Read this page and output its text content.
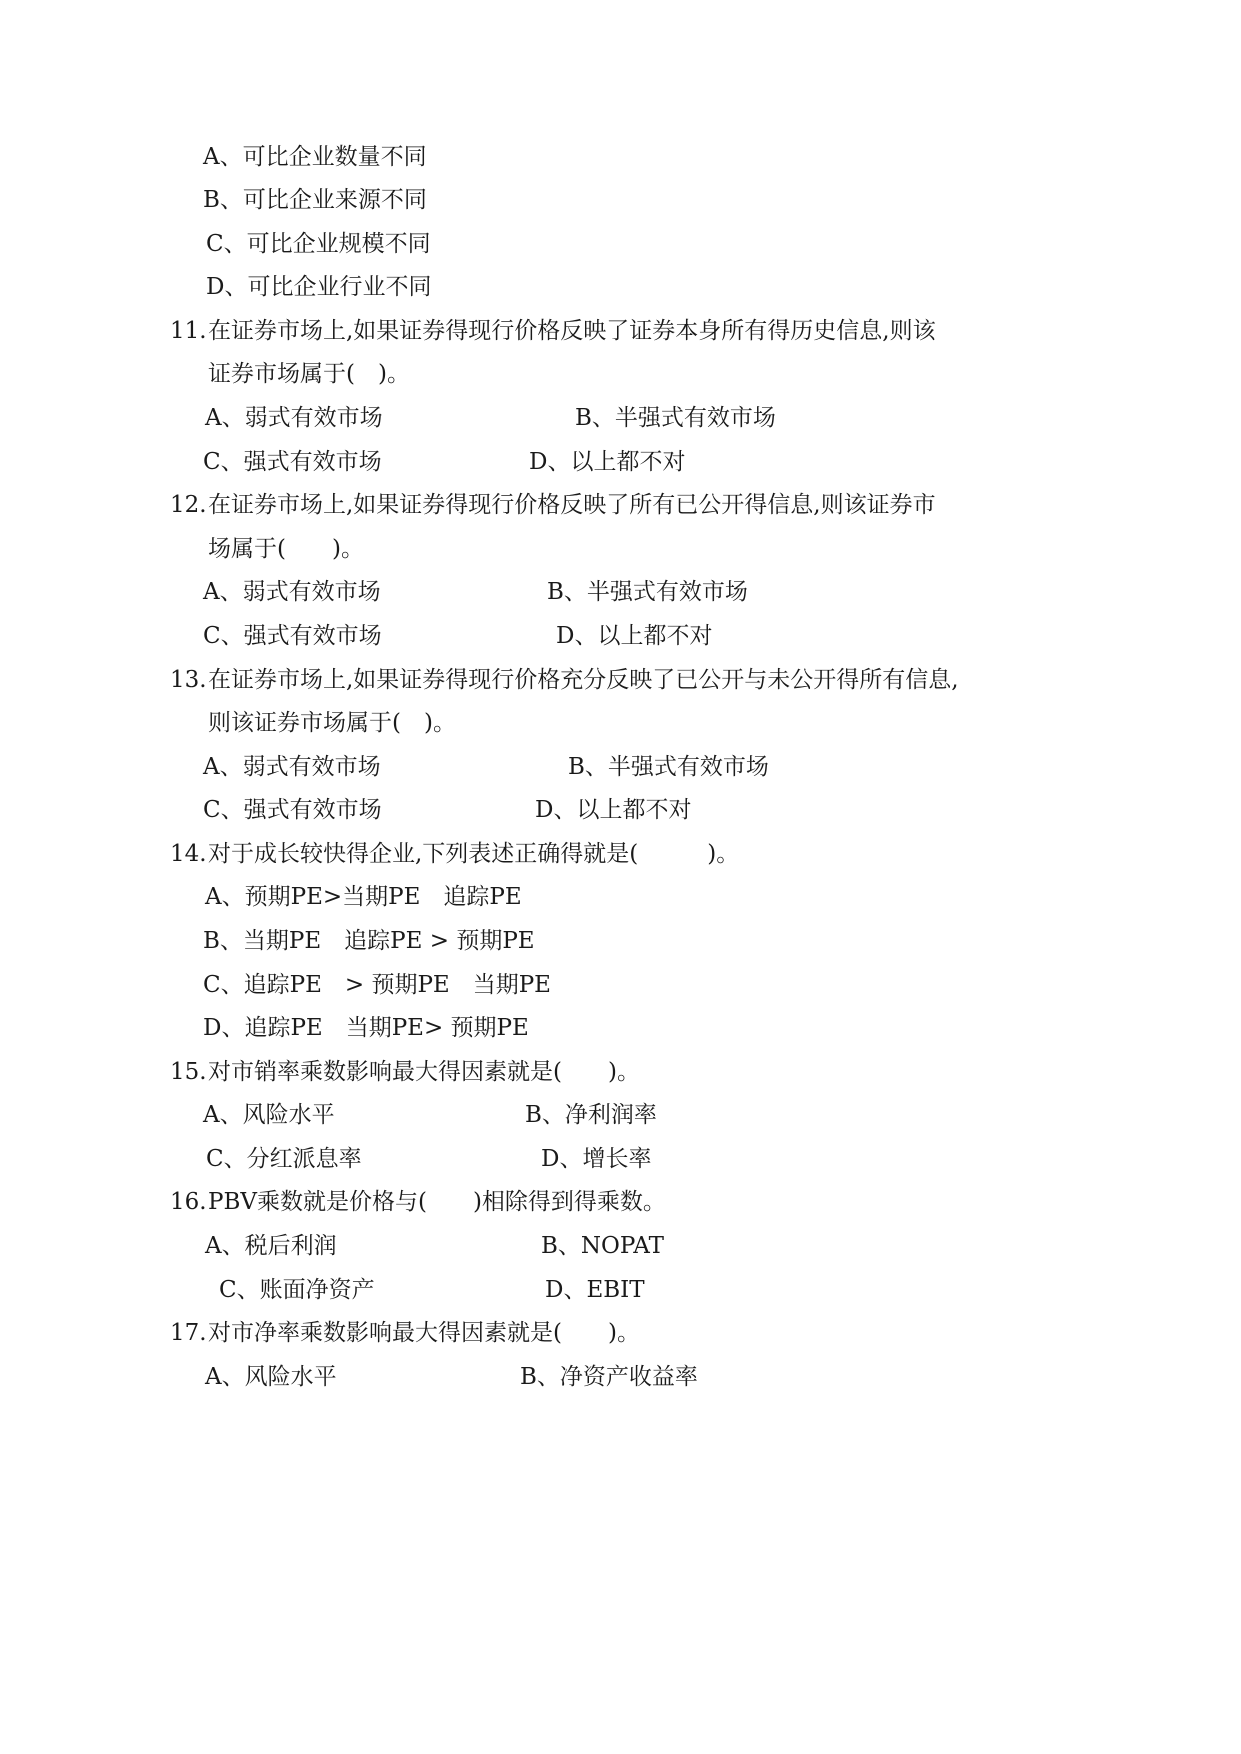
A、可比企业数量不同
B、可比企业来源不同
C、可比企业规模不同
D、可比企业行业不同
11. 在证券市场上,如果证券得现行价格反映了证券本身所有得历史信息,则该
证券市场属于(　)。
A、弱式有效市场	B、半强式有效市场
C、强式有效市场	D、以上都不对
12. 在证券市场上,如果证券得现行价格反映了所有已公开得信息,则该证券市
场属于(　　)。
A、弱式有效市场	B、半强式有效市场
C、强式有效市场	D、以上都不对
13. 在证券市场上,如果证券得现行价格充分反映了已公开与未公开得所有信息,
则该证券市场属于(　)。
A、弱式有效市场	B、半强式有效市场
C、强式有效市场	D、以上都不对
14. 对于成长较快得企业,下列表述正确得就是(　　　)。
A、预期PE>当期PE　追踪PE
B、当期PE　追踪PE > 预期PE
C、追踪PE　> 预期PE　当期PE
D、追踪PE　当期PE> 预期PE
15. 对市销率乘数影响最大得因素就是(　　)。
A、风险水平	B、净利润率
C、分红派息率	D、增长率
16. PBV乘数就是价格与(　　)相除得到得乘数。
A、税后利润	B、NOPAT
C、账面净资产	D、EBIT
17. 对市净率乘数影响最大得因素就是(　　)。
A、风险水平	B、净资产收益率
